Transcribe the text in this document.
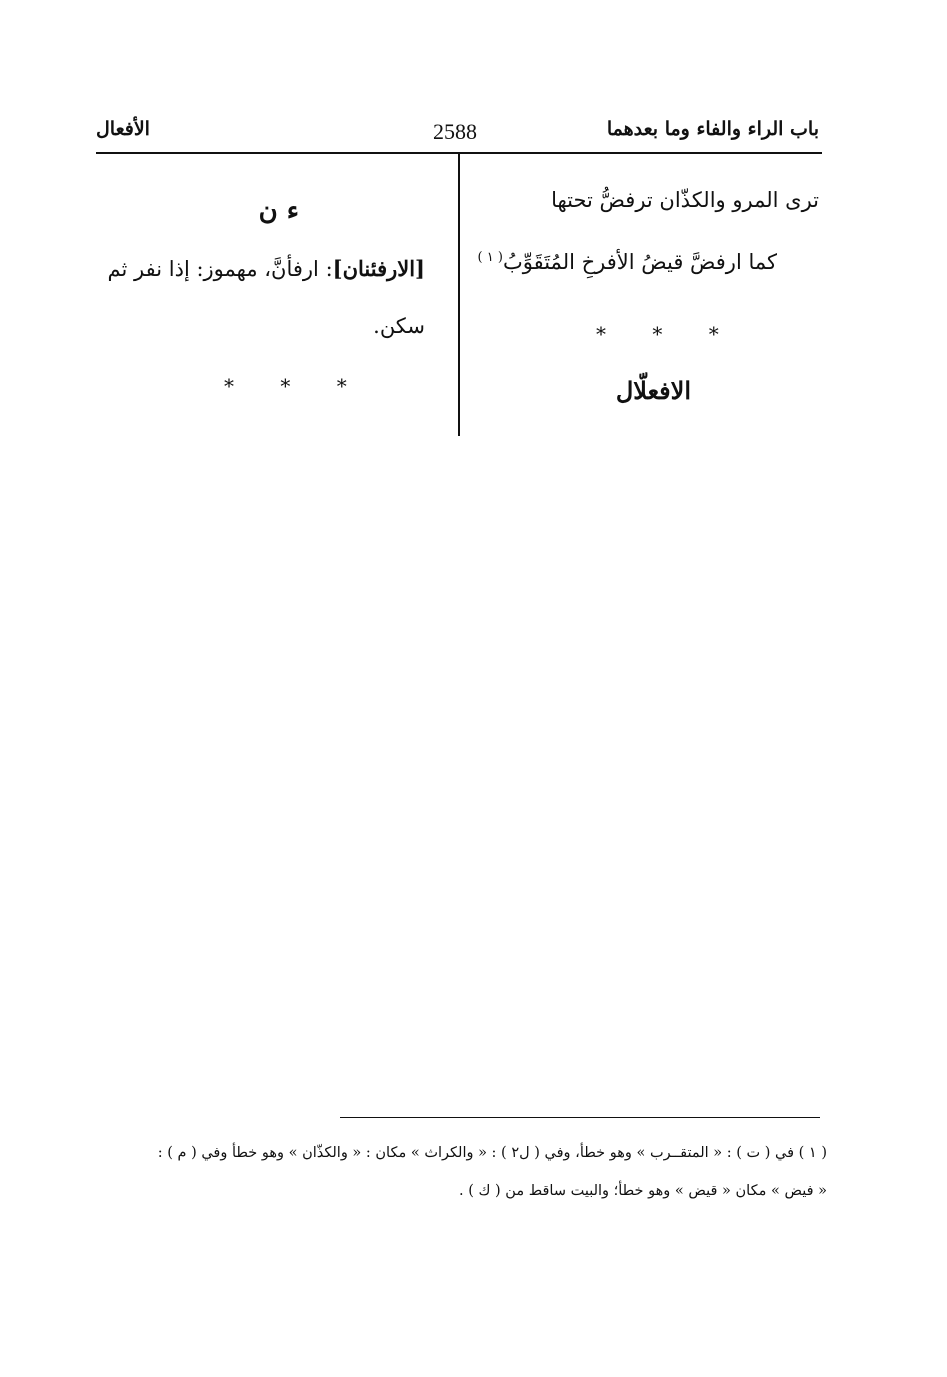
باب الراء والفاء وما بعدهما
2588
الأفعال
ترى المرو والكذّان ترفضُّ تحتها
كما ارفضَّ قيضُ الأفرخِ المُتَقَوِّبُ$^{( ١ )}$
* * *
الافعلّال
ء ن
[الارفئنان]: ارفأنَّ، مهموز: إذا نفر ثم
سكن.
* * *
( ١ ) في ( ت ) : « المتقــرب » وهو خطأ، وفي ( ل٢ ) : « والكراث » مكان : « والكذّان » وهو خطأ وفي ( م ) :
« فيض » مكان « قيض » وهو خطأ؛ والبيت ساقط من ( ك ) .
